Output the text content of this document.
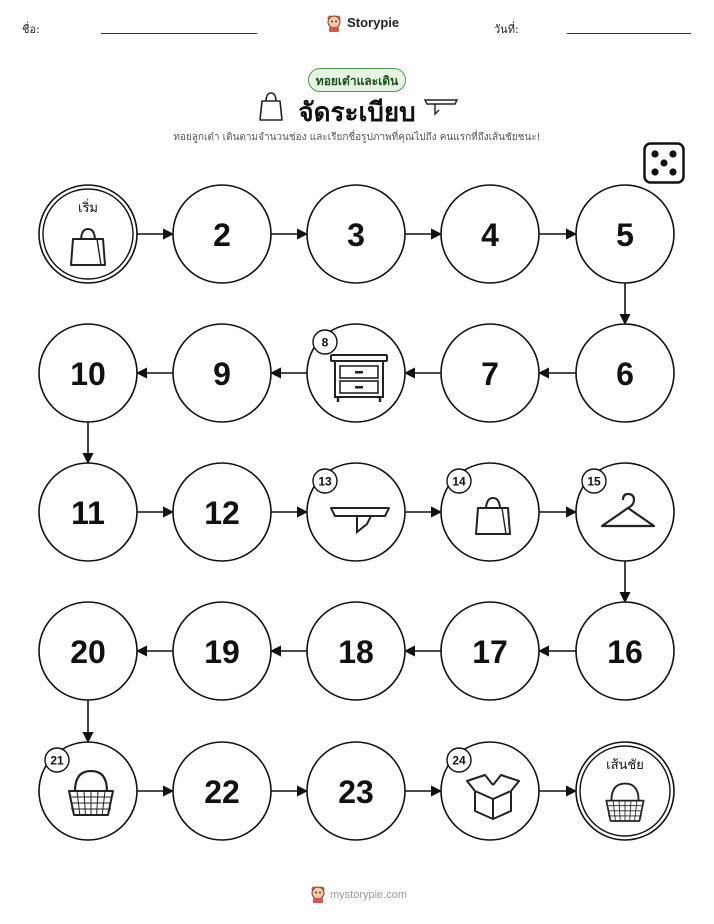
ชื่อ:	Storypie	วันที่:
ทอยเต๋าและเดิน
จัดระเบียบ
ทอยลูกเต๋า เดินตามจำนวนช่อง และเรียกชื่อรูปภาพที่คุณไปถึง คนแรกที่ถึงเส้นชัยชนะ!
เริ่ม
2	3	4	5
6
7
8
9
10
11	12
13	14	15
16
17
18
19
20
21
22	23
24	เส้นชัย
mystorypie.com
